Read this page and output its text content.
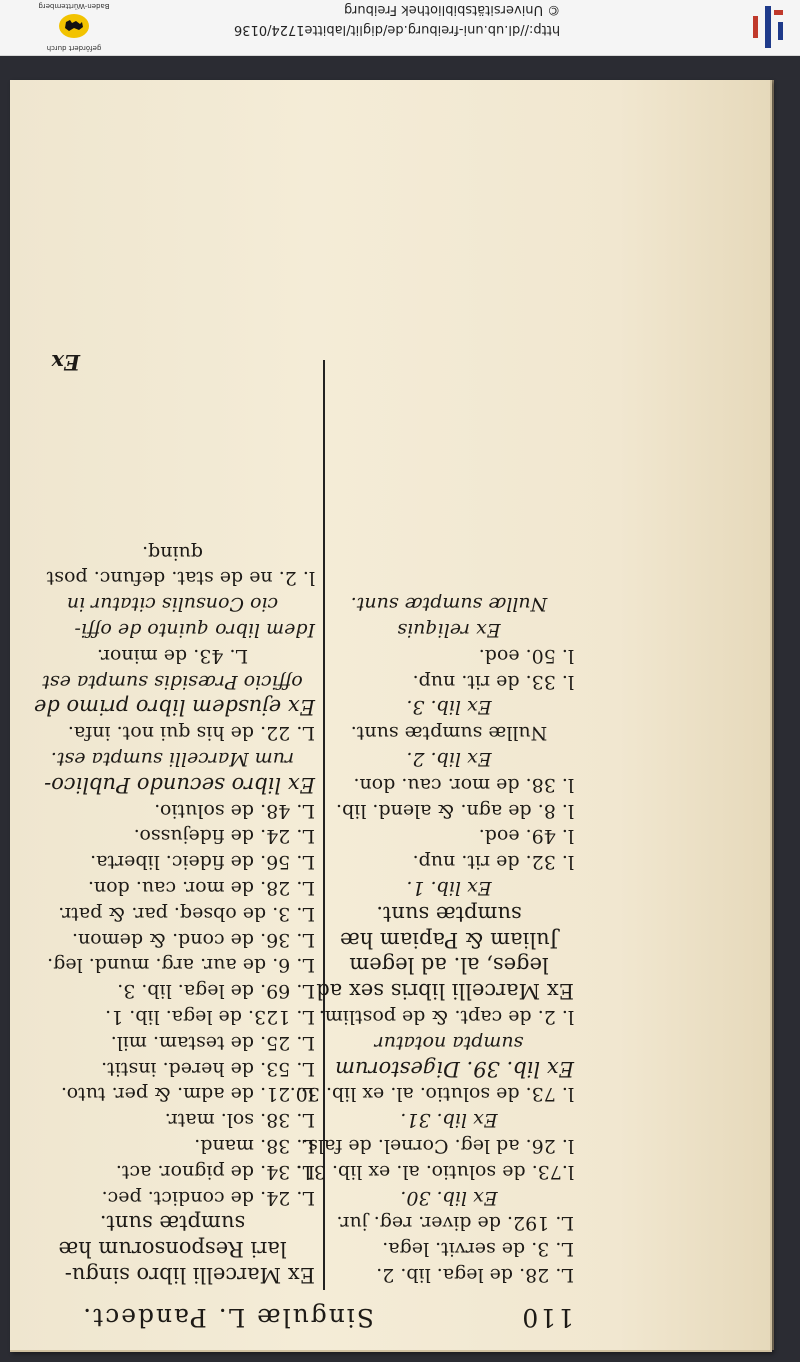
http://dl.ub.uni-freiburg.de/diglit/labitte1724/0136
© Universitätsbibliothek Freiburg
Baden-Württemberg
gefördert durch
110
Singulæ L. Pandect.
L. 28. de lega. lib. 2.
L. 3. de servit. lega.
L. 192. de diver. reg. jur.
Ex lib. 30.
l.73. de solutio. al. ex lib. 31.
l. 26. ad leg. Cornel. de fals.
Ex lib. 31.
l. 73. de solutio. al. ex lib. 30.
Ex lib. 39. Digestorum
sumpta notatur
l. 2. de capt. & de postlim.
Ex Marcelli libris sex ad
leges, al. ad legem
Juliam & Papiam hæ
sumptæ sunt.
Ex lib. 1.
l. 32. de rit. nup.
l. 49. eod.
l. 8. de agn. & alend. lib.
l. 38. de mor. cau. don.
Ex lib. 2.
Nullæ sumptæ sunt.
Ex lib. 3.
l. 33. de rit. nup.
l. 50. eod.
Ex reliquis
Nullæ sumptæ sunt.
Ex Marcelli libro singu-
lari Responsorum hæ
sumptæ sunt.
L. 24. de condict. pec.
L. 34. de pignor. act.
L. 38. mand.
L. 38. sol. matr.
L. 21. de adm. & per. tuto.
L. 53. de hered. instit.
L. 25. de testam. mil.
L. 123. de lega. lib. 1.
L. 69. de lega. lib. 3.
L. 6. de aur. arg. mund. leg.
L. 36. de cond. & demon.
L. 3. de obseq. par. & patr.
L. 28. de mor. cau. don.
L. 56. de fideic. liberta.
L. 24. de fidejusso.
L. 48. de solutio.
Ex libro secundo Publico-
rum Marcelli sumpta est.
L. 22. de his qui not. infa.
Ex ejusdem libro primo de
officio Præsidis sumpta est
L. 43. de minor.
Idem libro quinto de offi-
cio Consulis citatur in
l. 2. ne de stat. defunc. post
quinq.
Ex
